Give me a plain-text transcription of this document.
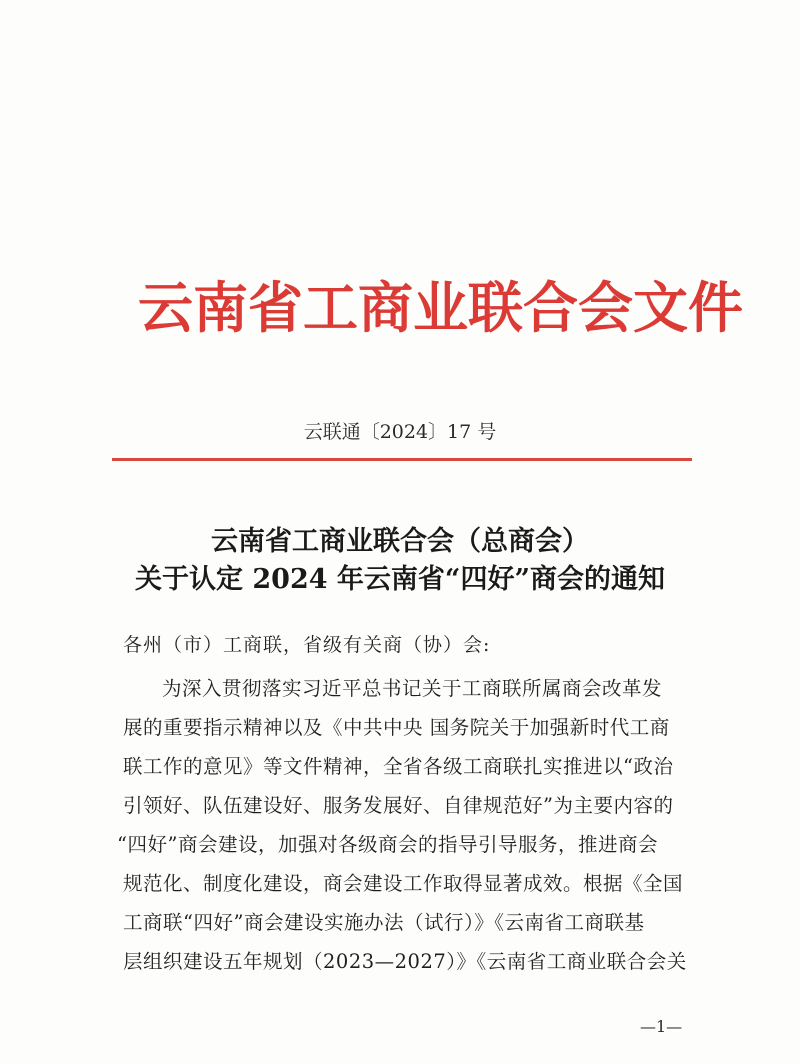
云南省工商业联合会文件
云联通〔2024〕17 号
云南省工商业联合会（总商会）
关于认定 2024 年云南省“四好”商会的通知
各州（市）工商联，省级有关商（协）会:
为深入贯彻落实习近平总书记关于工商联所属商会改革发
展的重要指示精神以及《中共中央 国务院关于加强新时代工商
联工作的意见》等文件精神，全省各级工商联扎实推进以“政治
引领好、队伍建设好、服务发展好、自律规范好”为主要内容的
“四好”商会建设，加强对各级商会的指导引导服务，推进商会
规范化、制度化建设，商会建设工作取得显著成效。根据《全国
工商联“四好”商会建设实施办法（试行）》《云南省工商联基
层组织建设五年规划（2023—2027）》《云南省工商业联合会关
—1—
